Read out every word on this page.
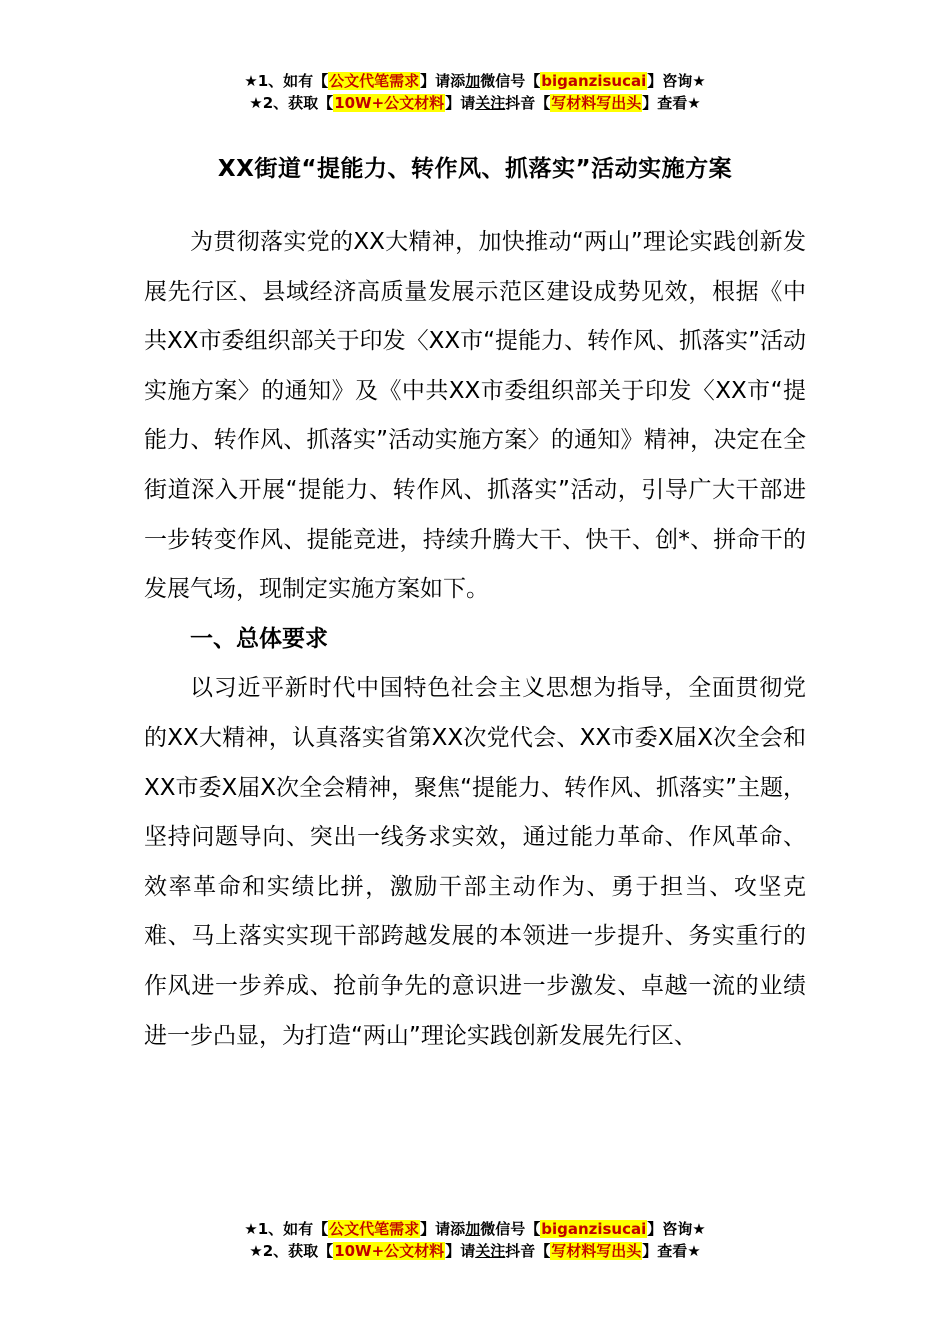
★1、如有【公文代笔需求】请添加微信号【biganzisucai】咨询★
★2、获取【10W+公文材料】请关注抖音【写材料写出头】查看★
XX街道“提能力、转作风、抓落实”活动实施方案

为贯彻落实党的XX大精神，加快推动“两山”理论实践创新发展先行区、县域经济高质量发展示范区建设成势见效，根据《中共XX市委组织部关于印发〈XX市“提能力、转作风、抓落实”活动实施方案〉的通知》及《中共XX市委组织部关于印发〈XX市“提能力、转作风、抓落实”活动实施方案〉的通知》精神，决定在全街道深入开展“提能力、转作风、抓落实”活动，引导广大干部进一步转变作风、提能竞进，持续升腾大干、快干、创*、拼命干的发展气场，现制定实施方案如下。

一、总体要求

以习近平新时代中国特色社会主义思想为指导，全面贯彻党的XX大精神，认真落实省第XX次党代会、XX市委X届X次全会和XX市委X届X次全会精神，聚焦“提能力、转作风、抓落实”主题，坚持问题导向、突出一线务求实效，通过能力革命、作风革命、效率革命和实绩比拼，激励干部主动作为、勇于担当、攻坚克难、马上落实实现干部跨越发展的本领进一步提升、务实重行的作风进一步养成、抢前争先的意识进一步激发、卓越一流的业绩进一步凸显，为打造“两山”理论实践创新发展先行区、

★1、如有【公文代笔需求】请添加微信号【biganzisucai】咨询★
★2、获取【10W+公文材料】请关注抖音【写材料写出头】查看★
